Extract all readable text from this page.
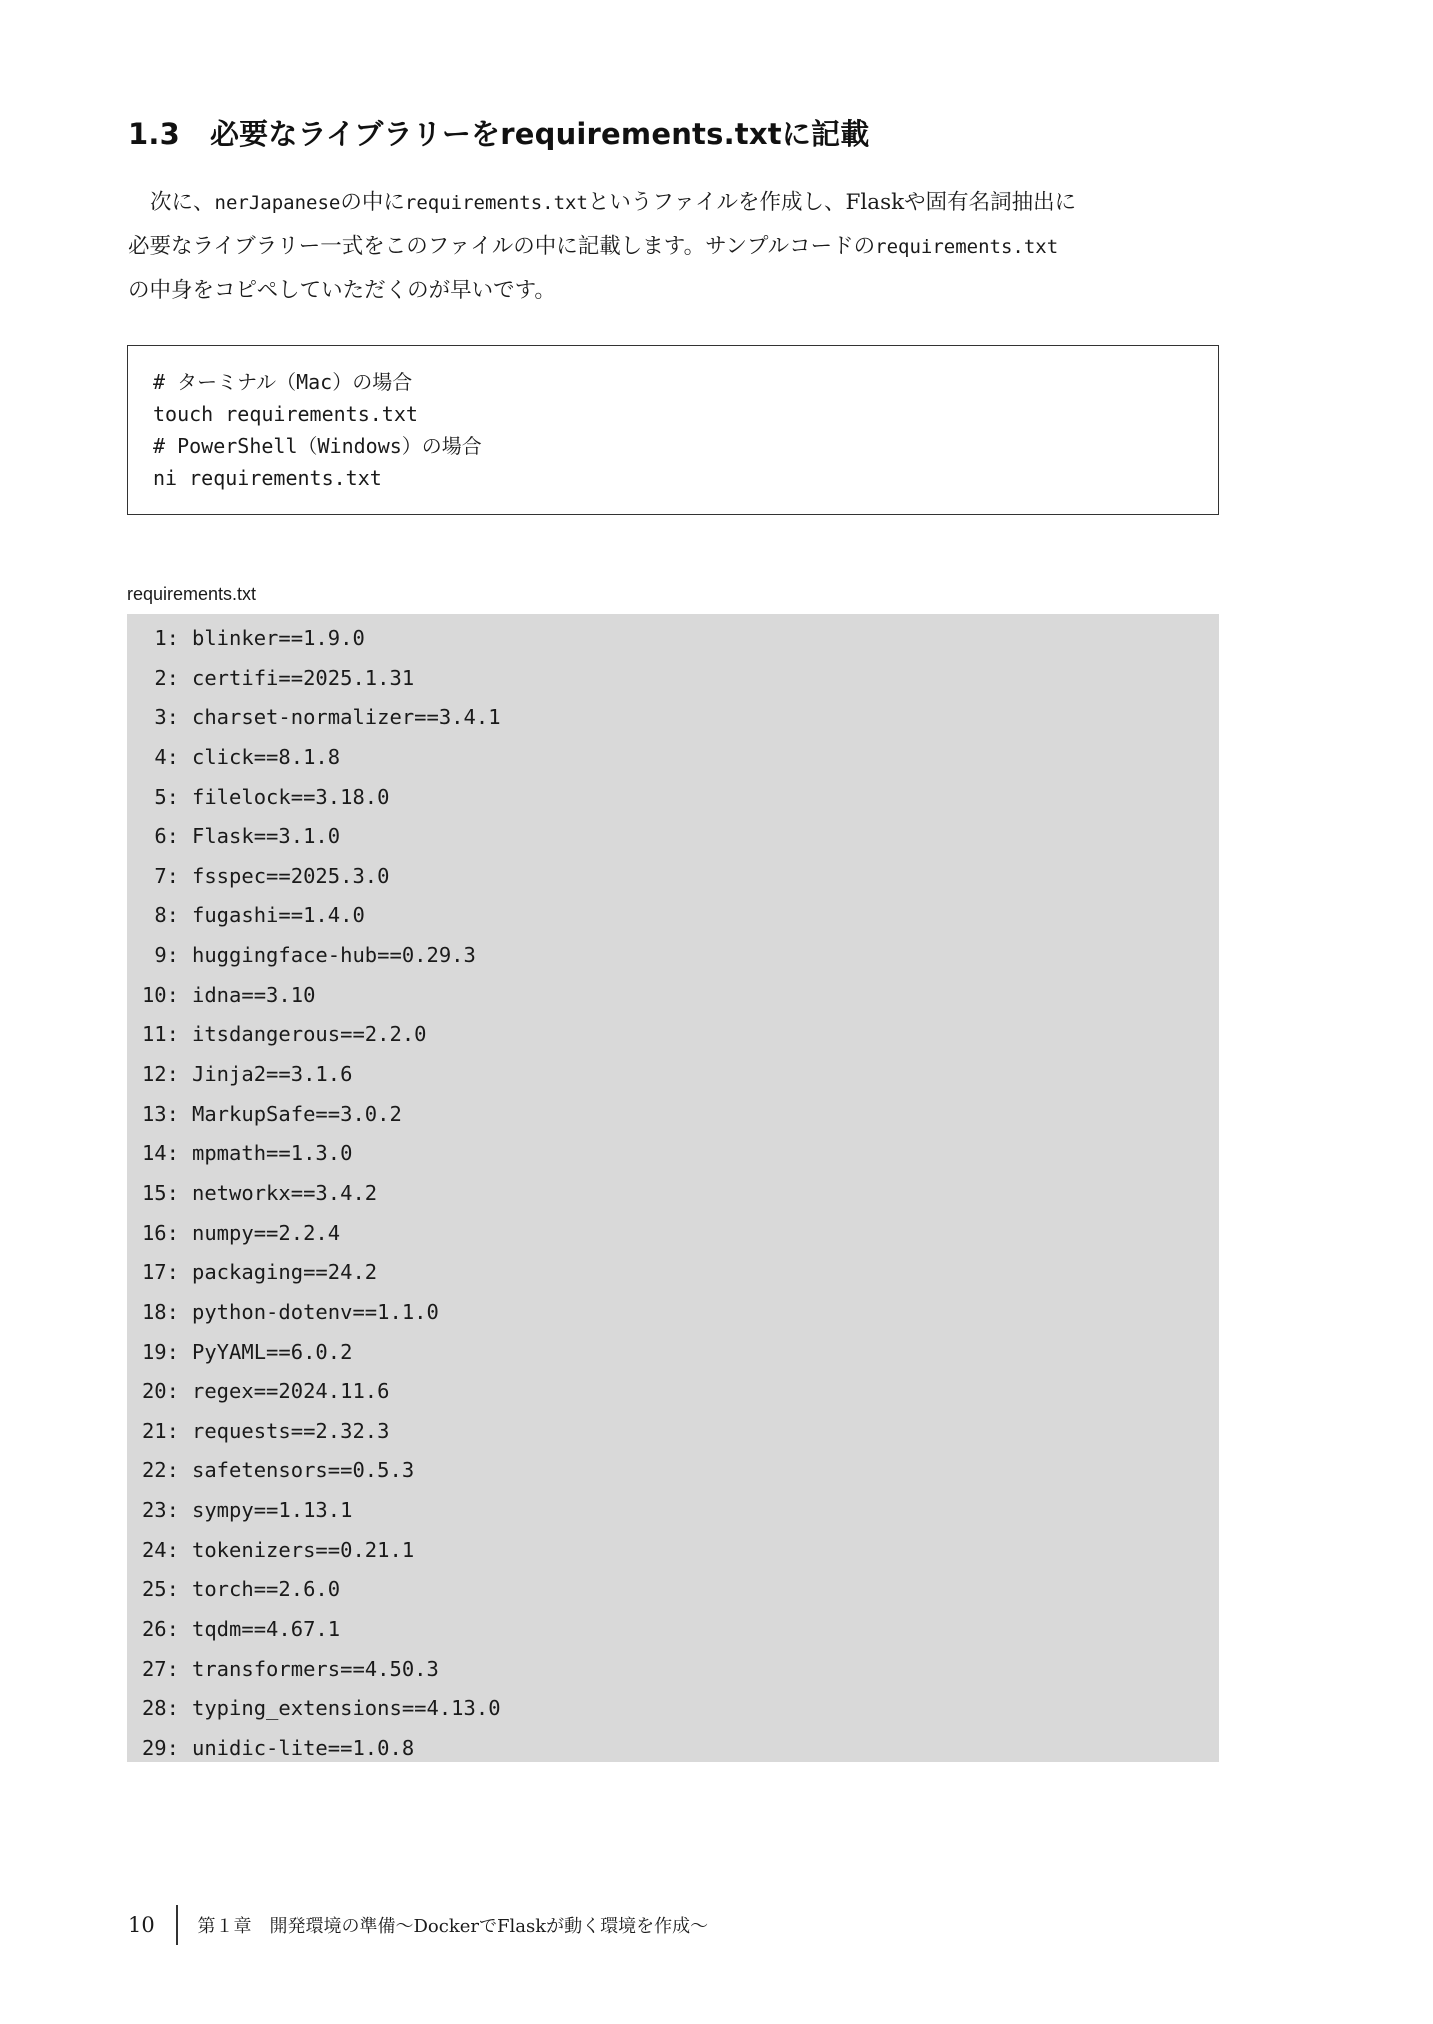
1.3 必要なライブラリーをrequirements.txtに記載

次に、nerJapaneseの中にrequirements.txtというファイルを作成し、Flaskや固有名詞抽出に
必要なライブラリー一式をこのファイルの中に記載します。サンプルコードのrequirements.txt
の中身をコピペしていただくのが早いです。

# ターミナル（Mac）の場合
touch requirements.txt
# PowerShell（Windows）の場合
ni requirements.txt
requirements.txt
1: blinker==1.9.0
2: certifi==2025.1.31
3: charset-normalizer==3.4.1
4: click==8.1.8
5: filelock==3.18.0
6: Flask==3.1.0
7: fsspec==2025.3.0
8: fugashi==1.4.0
9: huggingface-hub==0.29.3
10: idna==3.10
11: itsdangerous==2.2.0
12: Jinja2==3.1.6
13: MarkupSafe==3.0.2
14: mpmath==1.3.0
15: networkx==3.4.2
16: numpy==2.2.4
17: packaging==24.2
18: python-dotenv==1.1.0
19: PyYAML==6.0.2
20: regex==2024.11.6
21: requests==2.32.3
22: safetensors==0.5.3
23: sympy==1.13.1
24: tokenizers==0.21.1
25: torch==2.6.0
26: tqdm==4.67.1
27: transformers==4.50.3
28: typing_extensions==4.13.0
29: unidic-lite==1.0.8
10	第１章　開発環境の準備～DockerでFlaskが動く環境を作成～
